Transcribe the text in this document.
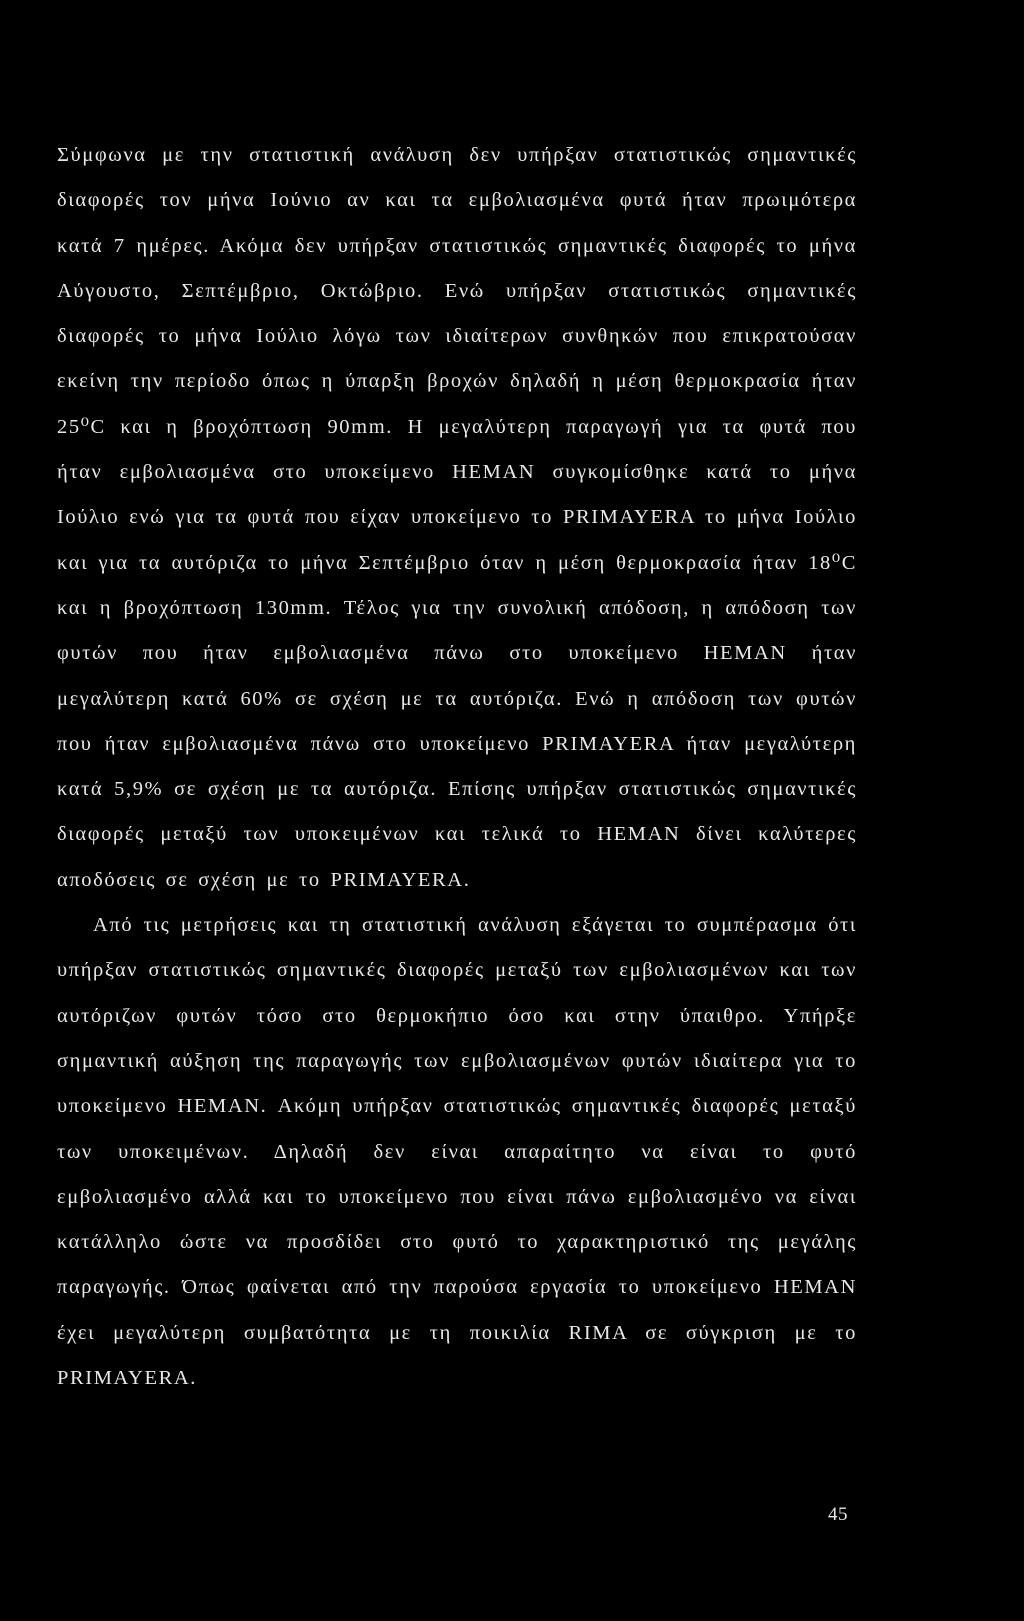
Σύμφωνα με την στατιστική ανάλυση δεν υπήρξαν στατιστικώς σημαντικές διαφορές τον μήνα Ιούνιο αν και τα εμβολιασμένα φυτά ήταν πρωιμότερα κατά 7 ημέρες. Ακόμα δεν υπήρξαν στατιστικώς σημαντικές διαφορές το μήνα Αύγουστο, Σεπτέμβριο, Οκτώβριο. Ενώ υπήρξαν στατιστικώς σημαντικές διαφορές το μήνα Ιούλιο λόγω των ιδιαίτερων συνθηκών που επικρατούσαν εκείνη την περίοδο όπως η ύπαρξη βροχών δηλαδή η μέση θερμοκρασία ήταν 25⁰C και η βροχόπτωση 90mm. Η μεγαλύτερη παραγωγή για τα φυτά που ήταν εμβολιασμένα στο υποκείμενο HEMAN συγκομίσθηκε κατά το μήνα Ιούλιο ενώ για τα φυτά που είχαν υποκείμενο το PRIMAYERA το μήνα Ιούλιο και για τα αυτόριζα το μήνα Σεπτέμβριο όταν η μέση θερμοκρασία ήταν 18⁰C και η βροχόπτωση 130mm. Τέλος για την συνολική απόδοση, η απόδοση των φυτών που ήταν εμβολιασμένα πάνω στο υποκείμενο HEMAN ήταν μεγαλύτερη κατά 60% σε σχέση με τα αυτόριζα. Ενώ η απόδοση των φυτών που ήταν εμβολιασμένα πάνω στο υποκείμενο PRIMAYERA ήταν μεγαλύτερη κατά 5,9% σε σχέση με τα αυτόριζα. Επίσης υπήρξαν στατιστικώς σημαντικές διαφορές μεταξύ των υποκειμένων και τελικά το HEMAN δίνει καλύτερες αποδόσεις σε σχέση με το PRIMAYERA.

Από τις μετρήσεις και τη στατιστική ανάλυση εξάγεται το συμπέρασμα ότι υπήρξαν στατιστικώς σημαντικές διαφορές μεταξύ των εμβολιασμένων και των αυτόριζων φυτών τόσο στο θερμοκήπιο όσο και στην ύπαιθρο. Υπήρξε σημαντική αύξηση της παραγωγής των εμβολιασμένων φυτών ιδιαίτερα για το υποκείμενο HEMAN. Ακόμη υπήρξαν στατιστικώς σημαντικές διαφορές μεταξύ των υποκειμένων. Δηλαδή δεν είναι απαραίτητο να είναι το φυτό εμβολιασμένο αλλά και το υποκείμενο που είναι πάνω εμβολιασμένο να είναι κατάλληλο ώστε να προσδίδει στο φυτό το χαρακτηριστικό της μεγάλης παραγωγής. Όπως φαίνεται από την παρούσα εργασία το υποκείμενο HEMAN έχει μεγαλύτερη συμβατότητα με τη ποικιλία RIMA σε σύγκριση με το PRIMAYERA.

45
